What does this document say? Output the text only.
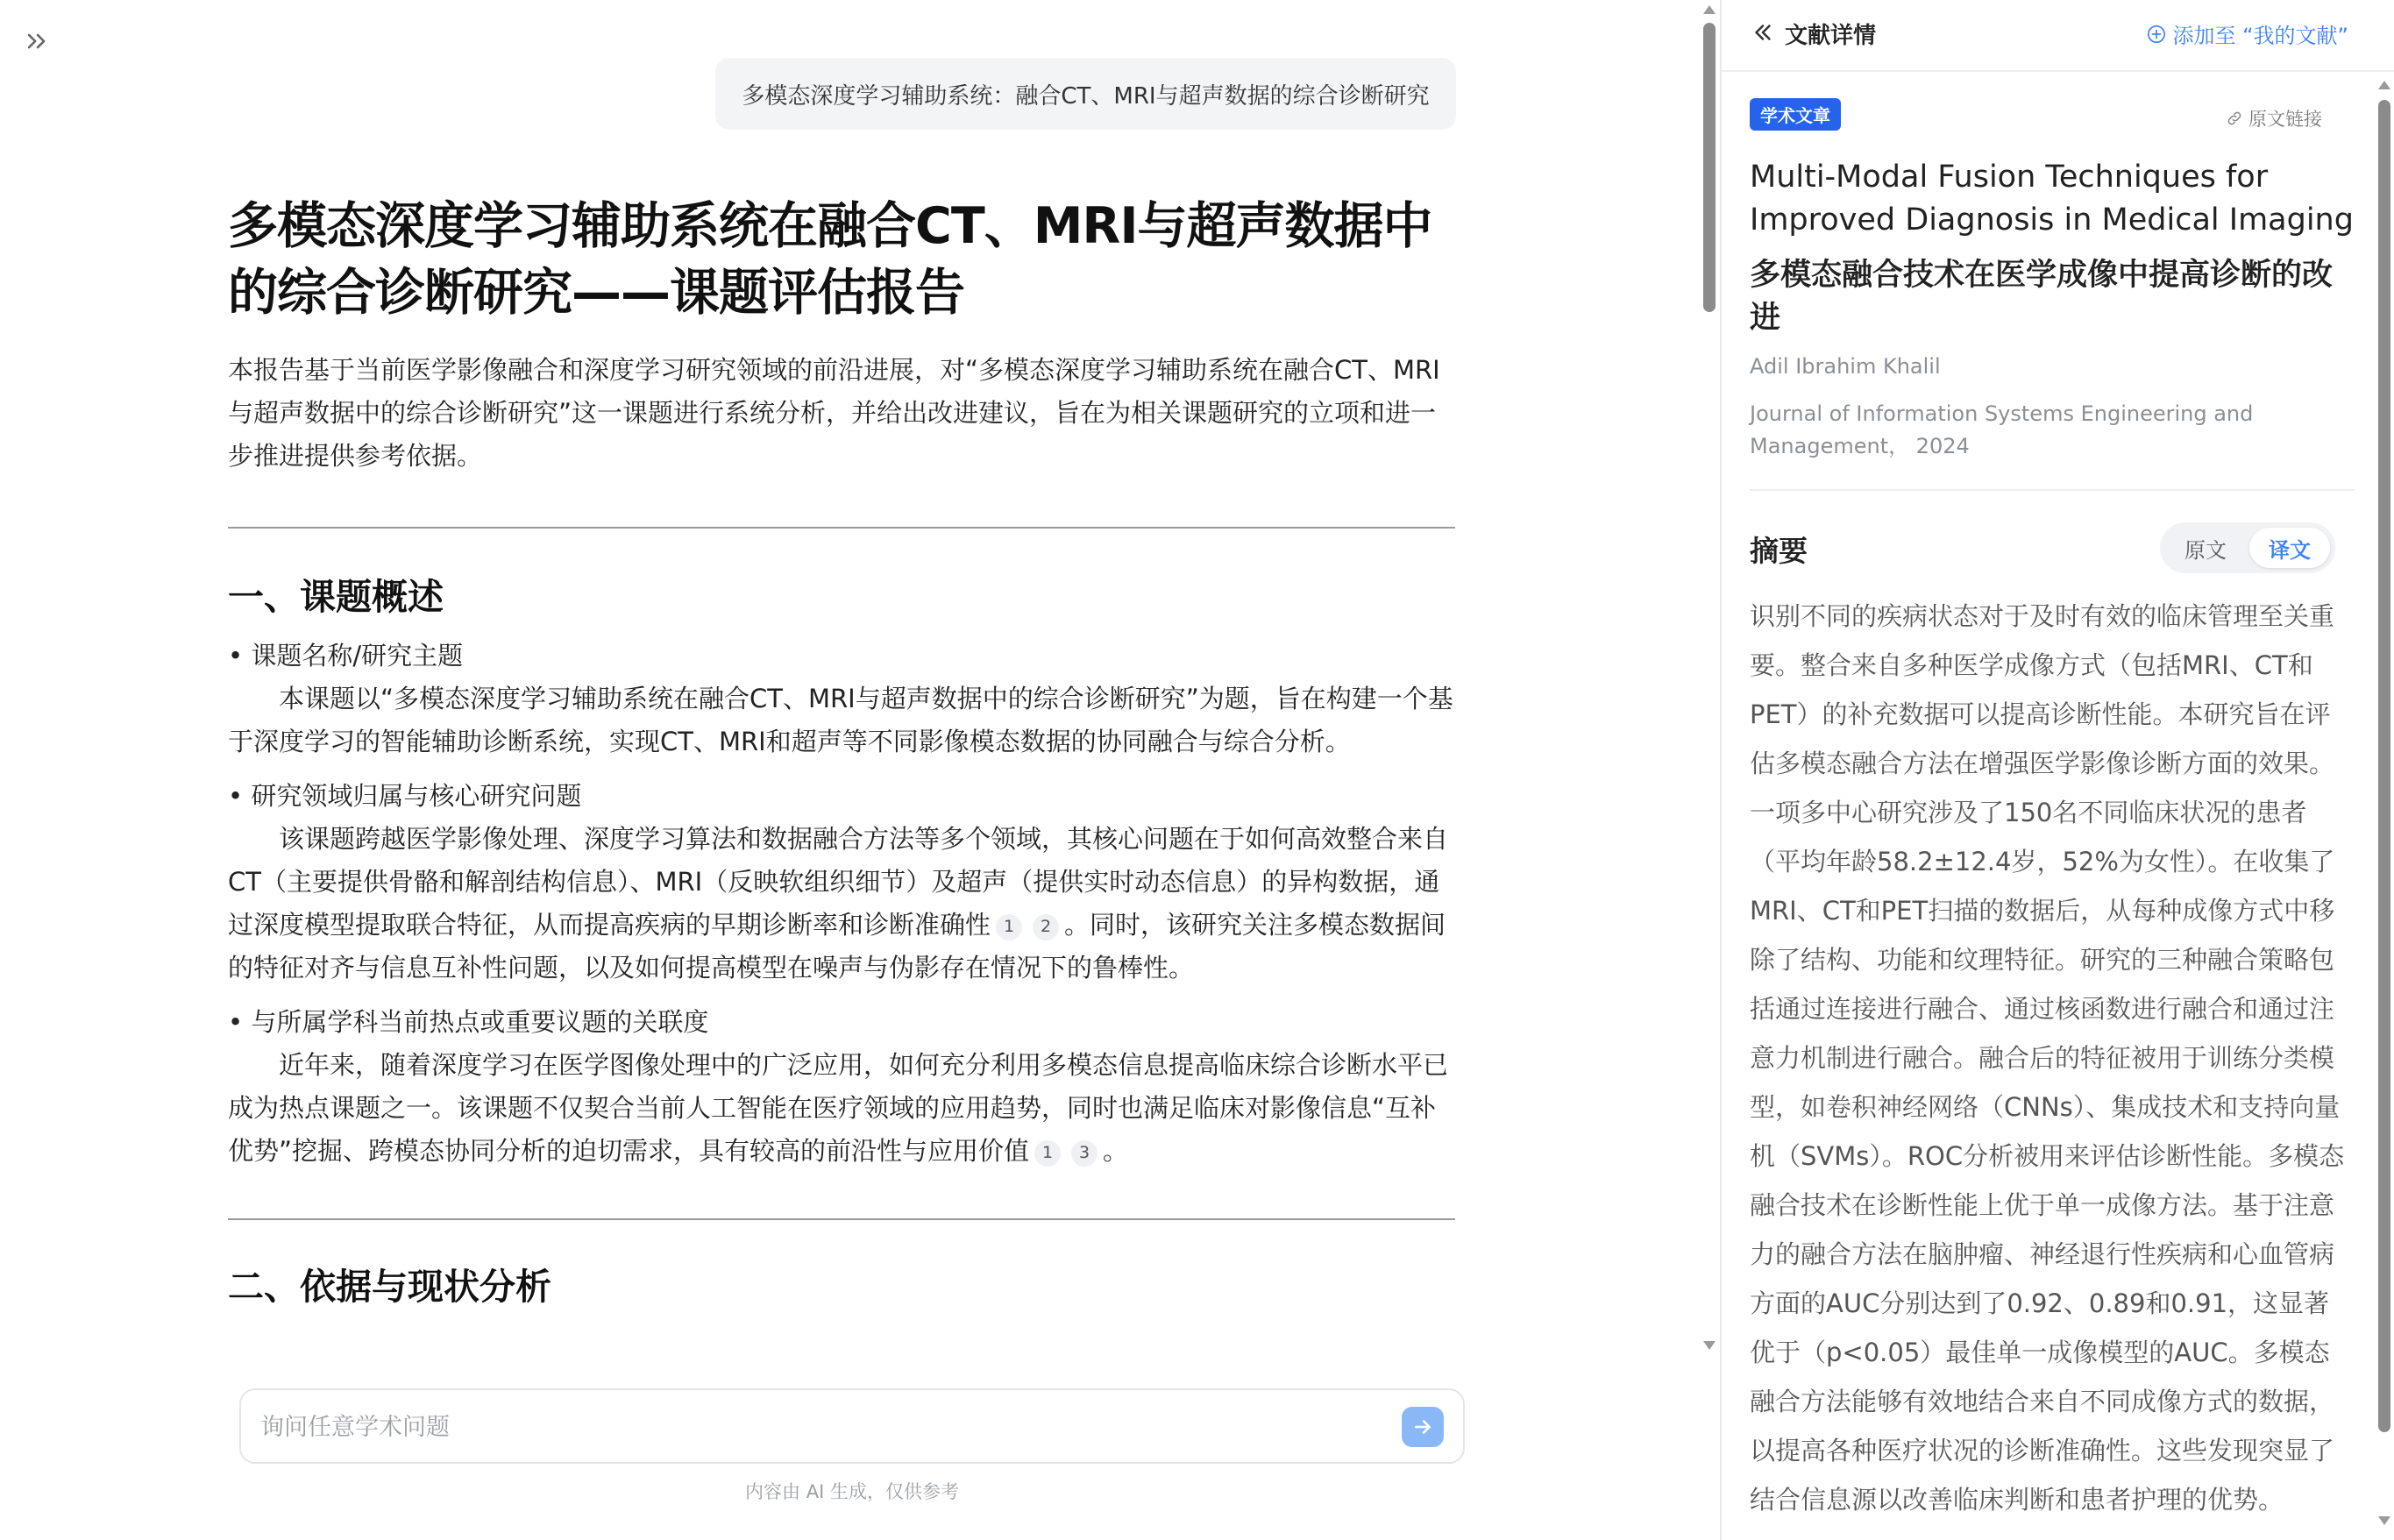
多模态深度学习辅助系统：融合CT、MRI与超声数据的综合诊断研究
多模态深度学习辅助系统在融合CT、MRI与超声数据中的综合诊断研究——课题评估报告

本报告基于当前医学影像融合和深度学习研究领域的前沿进展，对“多模态深度学习辅助系统在融合CT、MRI与超声数据中的综合诊断研究”这一课题进行系统分析，并给出改进建议，旨在为相关课题研究的立项和进一步推进提供参考依据。

一、课题概述
• 课题名称/研究主题

本课题以“多模态深度学习辅助系统在融合CT、MRI与超声数据中的综合诊断研究”为题，旨在构建一个基于深度学习的智能辅助诊断系统，实现CT、MRI和超声等不同影像模态数据的协同融合与综合分析。

• 研究领域归属与核心研究问题

该课题跨越医学影像处理、深度学习算法和数据融合方法等多个领域，其核心问题在于如何高效整合来自CT（主要提供骨骼和解剖结构信息）、MRI（反映软组织细节）及超声（提供实时动态信息）的异构数据，通过深度模型提取联合特征，从而提高疾病的早期诊断率和诊断准确性 1 2 。同时，该研究关注多模态数据间的特征对齐与信息互补性问题，以及如何提高模型在噪声与伪影存在情况下的鲁棒性。

• 与所属学科当前热点或重要议题的关联度

近年来，随着深度学习在医学图像处理中的广泛应用，如何充分利用多模态信息提高临床综合诊断水平已成为热点课题之一。该课题不仅契合当前人工智能在医疗领域的应用趋势，同时也满足临床对影像信息“互补优势”挖掘、跨模态协同分析的迫切需求，具有较高的前沿性与应用价值 1 3 。

二、依据与现状分析
询问任意学术问题
内容由 AI 生成，仅供参考
文献详情	添加至 “我的文献”
学术文章	原文链接
Multi-Modal Fusion Techniques for Improved Diagnosis in Medical Imaging
多模态融合技术在医学成像中提高诊断的改进
Adil Ibrahim Khalil
Journal of Information Systems Engineering and Management， 2024
摘要	原文	译文

识别不同的疾病状态对于及时有效的临床管理至关重要。整合来自多种医学成像方式（包括MRI、CT和PET）的补充数据可以提高诊断性能。本研究旨在评估多模态融合方法在增强医学影像诊断方面的效果。一项多中心研究涉及了150名不同临床状况的患者（平均年龄58.2±12.4岁，52%为女性）。在收集了MRI、CT和PET扫描的数据后，从每种成像方式中移除了结构、功能和纹理特征。研究的三种融合策略包括通过连接进行融合、通过核函数进行融合和通过注意力机制进行融合。融合后的特征被用于训练分类模型，如卷积神经网络（CNNs）、集成技术和支持向量机（SVMs）。ROC分析被用来评估诊断性能。多模态融合技术在诊断性能上优于单一成像方法。基于注意力的融合方法在脑肿瘤、神经退行性疾病和心血管病方面的AUC分别达到了0.92、0.89和0.91，这显著优于（p<0.05）最佳单一成像模型的AUC。多模态融合方法能够有效地结合来自不同成像方式的数据，以提高各种医疗状况的诊断准确性。这些发现突显了结合信息源以改善临床判断和患者护理的优势。
